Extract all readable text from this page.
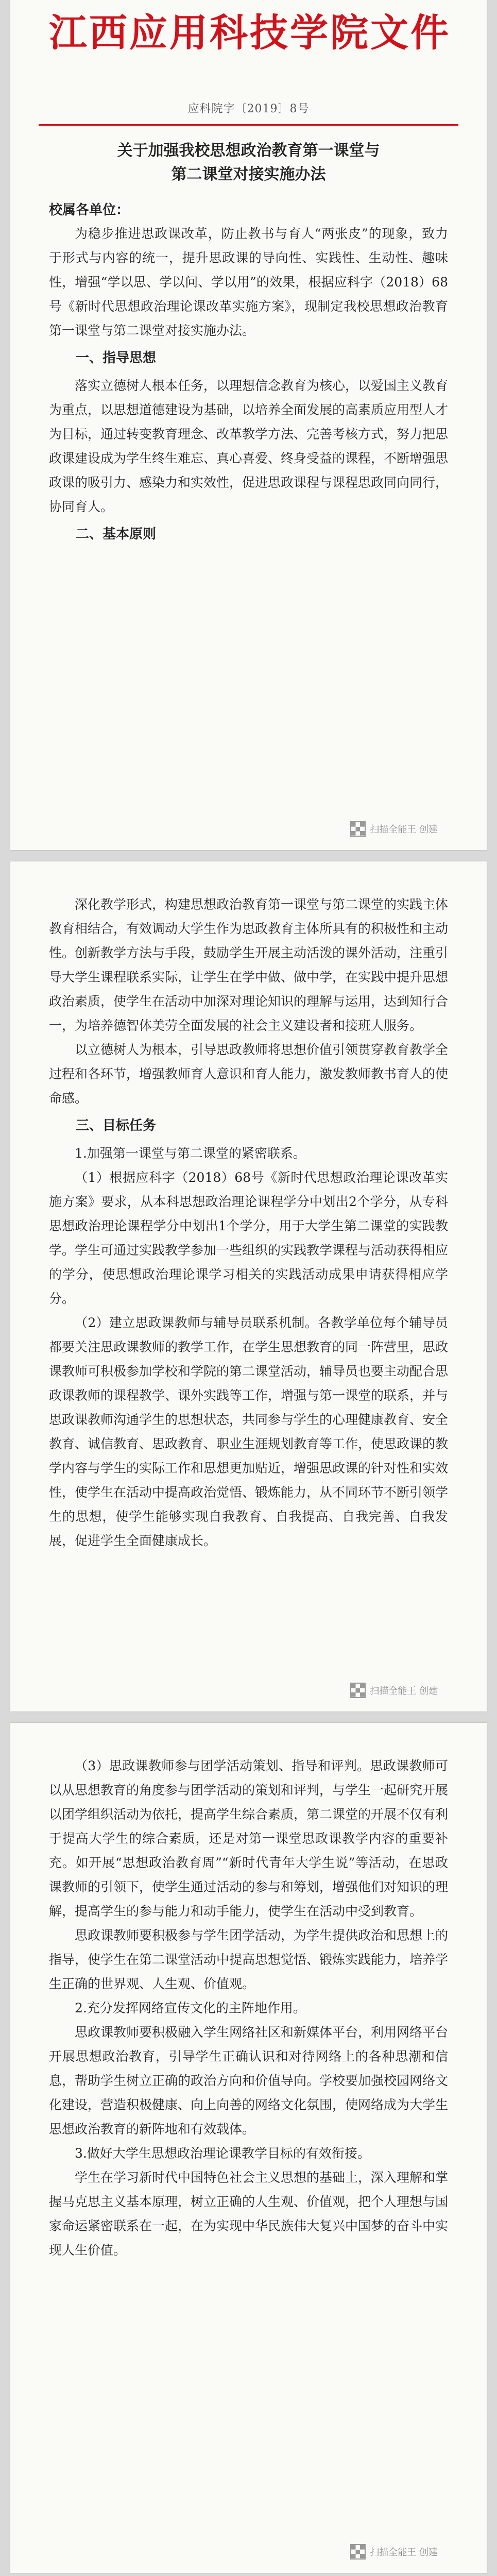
江西应用科技学院文件
应科院字〔2019〕8号
关于加强我校思想政治教育第一课堂与
第二课堂对接实施办法
校属各单位：

为稳步推进思政课改革，防止教书与育人“两张皮”的现象，致力于形式与内容的统一，提升思政课的导向性、实践性、生动性、趣味性，增强“学以思、学以问、学以用”的效果，根据应科字（2018）68号《新时代思想政治理论课改革实施方案》，现制定我校思想政治教育第一课堂与第二课堂对接实施办法。

一、指导思想

落实立德树人根本任务，以理想信念教育为核心，以爱国主义教育为重点，以思想道德建设为基础，以培养全面发展的高素质应用型人才为目标，通过转变教育理念、改革教学方法、完善考核方式，努力把思政课建设成为学生终生难忘、真心喜爱、终身受益的课程，不断增强思政课的吸引力、感染力和实效性，促进思政课程与课程思政同向同行，协同育人。

二、基本原则
扫描全能王 创建

深化教学形式，构建思想政治教育第一课堂与第二课堂的实践主体教育相结合，有效调动大学生作为思政教育主体所具有的积极性和主动性。创新教学方法与手段，鼓励学生开展主动活泼的课外活动，注重引导大学生课程联系实际，让学生在学中做、做中学，在实践中提升思想政治素质，使学生在活动中加深对理论知识的理解与运用，达到知行合一，为培养德智体美劳全面发展的社会主义建设者和接班人服务。

以立德树人为根本，引导思政教师将思想价值引领贯穿教育教学全过程和各环节，增强教师育人意识和育人能力，激发教师教书育人的使命感。

三、目标任务

1.加强第一课堂与第二课堂的紧密联系。

（1）根据应科字（2018）68号《新时代思想政治理论课改革实施方案》要求，从本科思想政治理论课程学分中划出2个学分，从专科思想政治理论课程学分中划出1个学分，用于大学生第二课堂的实践教学。学生可通过实践教学参加一些组织的实践教学课程与活动获得相应的学分，使思想政治理论课学习相关的实践活动成果申请获得相应学分。

（2）建立思政课教师与辅导员联系机制。各教学单位每个辅导员都要关注思政课教师的教学工作，在学生思想教育的同一阵营里，思政课教师可积极参加学校和学院的第二课堂活动，辅导员也要主动配合思政课教师的课程教学、课外实践等工作，增强与第一课堂的联系，并与思政课教师沟通学生的思想状态，共同参与学生的心理健康教育、安全教育、诚信教育、思政教育、职业生涯规划教育等工作，使思政课的教学内容与学生的实际工作和思想更加贴近，增强思政课的针对性和实效性，使学生在活动中提高政治觉悟、锻炼能力，从不同环节不断引领学生的思想，使学生能够实现自我教育、自我提高、自我完善、自我发展，促进学生全面健康成长。

扫描全能王 创建

（3）思政课教师参与团学活动策划、指导和评判。思政课教师可以从思想教育的角度参与团学活动的策划和评判，与学生一起研究开展以团学组织活动为依托，提高学生综合素质，第二课堂的开展不仅有利于提高大学生的综合素质，还是对第一课堂思政课教学内容的重要补充。如开展“思想政治教育周”“新时代青年大学生说”等活动，在思政课教师的引领下，使学生通过活动的参与和筹划，增强他们对知识的理解，提高学生的参与能力和动手能力，使学生在活动中受到教育。

思政课教师要积极参与学生团学活动，为学生提供政治和思想上的指导，使学生在第二课堂活动中提高思想觉悟、锻炼实践能力，培养学生正确的世界观、人生观、价值观。

2.充分发挥网络宣传文化的主阵地作用。

思政课教师要积极融入学生网络社区和新媒体平台，利用网络平台开展思想政治教育，引导学生正确认识和对待网络上的各种思潮和信息，帮助学生树立正确的政治方向和价值导向。学校要加强校园网络文化建设，营造积极健康、向上向善的网络文化氛围，使网络成为大学生思想政治教育的新阵地和有效载体。

3.做好大学生思想政治理论课教学目标的有效衔接。

学生在学习新时代中国特色社会主义思想的基础上，深入理解和掌握马克思主义基本原理，树立正确的人生观、价值观，把个人理想与国家命运紧密联系在一起，在为实现中华民族伟大复兴中国梦的奋斗中实现人生价值。

扫描全能王 创建
